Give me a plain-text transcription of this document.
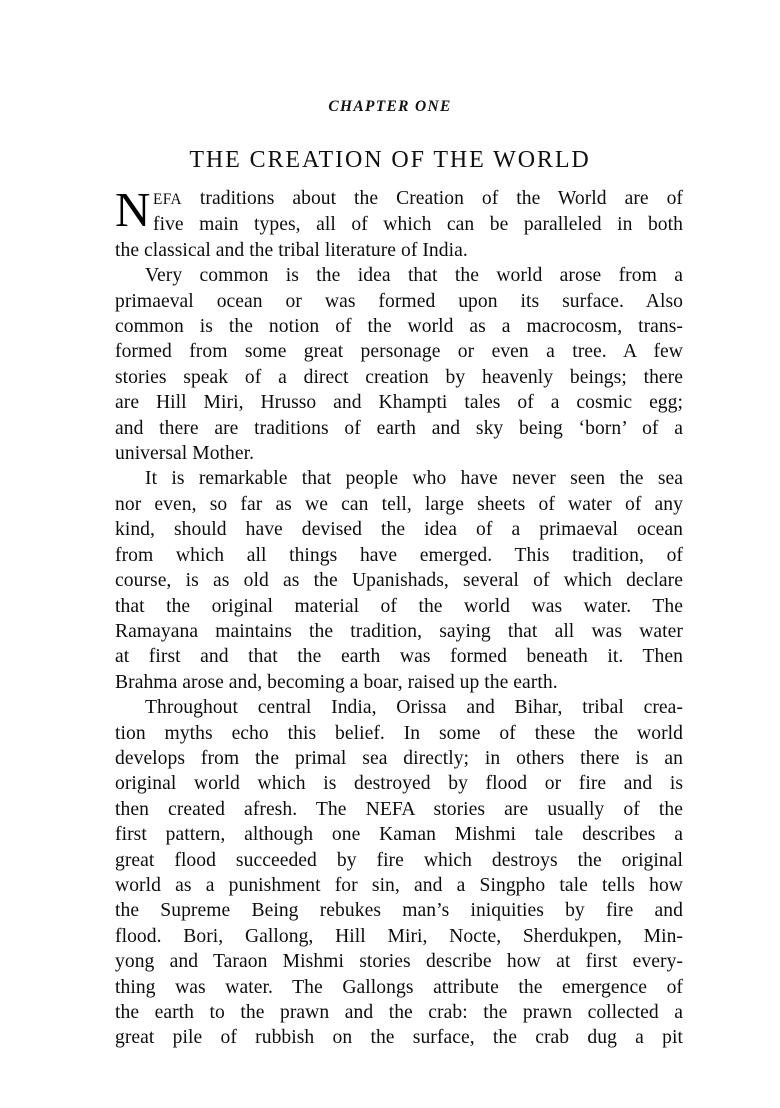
CHAPTER ONE
THE CREATION OF THE WORLD

N EFA traditions about the Creation of the World are of
five main types, all of which can be paralleled in both
the classical and the tribal literature of India.

Very common is the idea that the world arose from a
primaeval ocean or was formed upon its surface. Also
common is the notion of the world as a macrocosm, trans-
formed from some great personage or even a tree. A few
stories speak of a direct creation by heavenly beings; there
are Hill Miri, Hrusso and Khampti tales of a cosmic egg;
and there are traditions of earth and sky being ‘born’ of a
universal Mother.

It is remarkable that people who have never seen the sea
nor even, so far as we can tell, large sheets of water of any
kind, should have devised the idea of a primaeval ocean
from which all things have emerged. This tradition, of
course, is as old as the Upanishads, several of which declare
that the original material of the world was water. The
Ramayana maintains the tradition, saying that all was water
at first and that the earth was formed beneath it. Then
Brahma arose and, becoming a boar, raised up the earth.

Throughout central India, Orissa and Bihar, tribal crea-
tion myths echo this belief. In some of these the world
develops from the primal sea directly; in others there is an
original world which is destroyed by flood or fire and is
then created afresh. The NEFA stories are usually of the
first pattern, although one Kaman Mishmi tale describes a
great flood succeeded by fire which destroys the original
world as a punishment for sin, and a Singpho tale tells how
the Supreme Being rebukes man’s iniquities by fire and
flood. Bori, Gallong, Hill Miri, Nocte, Sherdukpen, Min-
yong and Taraon Mishmi stories describe how at first every-
thing was water. The Gallongs attribute the emergence of
the earth to the prawn and the crab: the prawn collected a
great pile of rubbish on the surface, the crab dug a pit
